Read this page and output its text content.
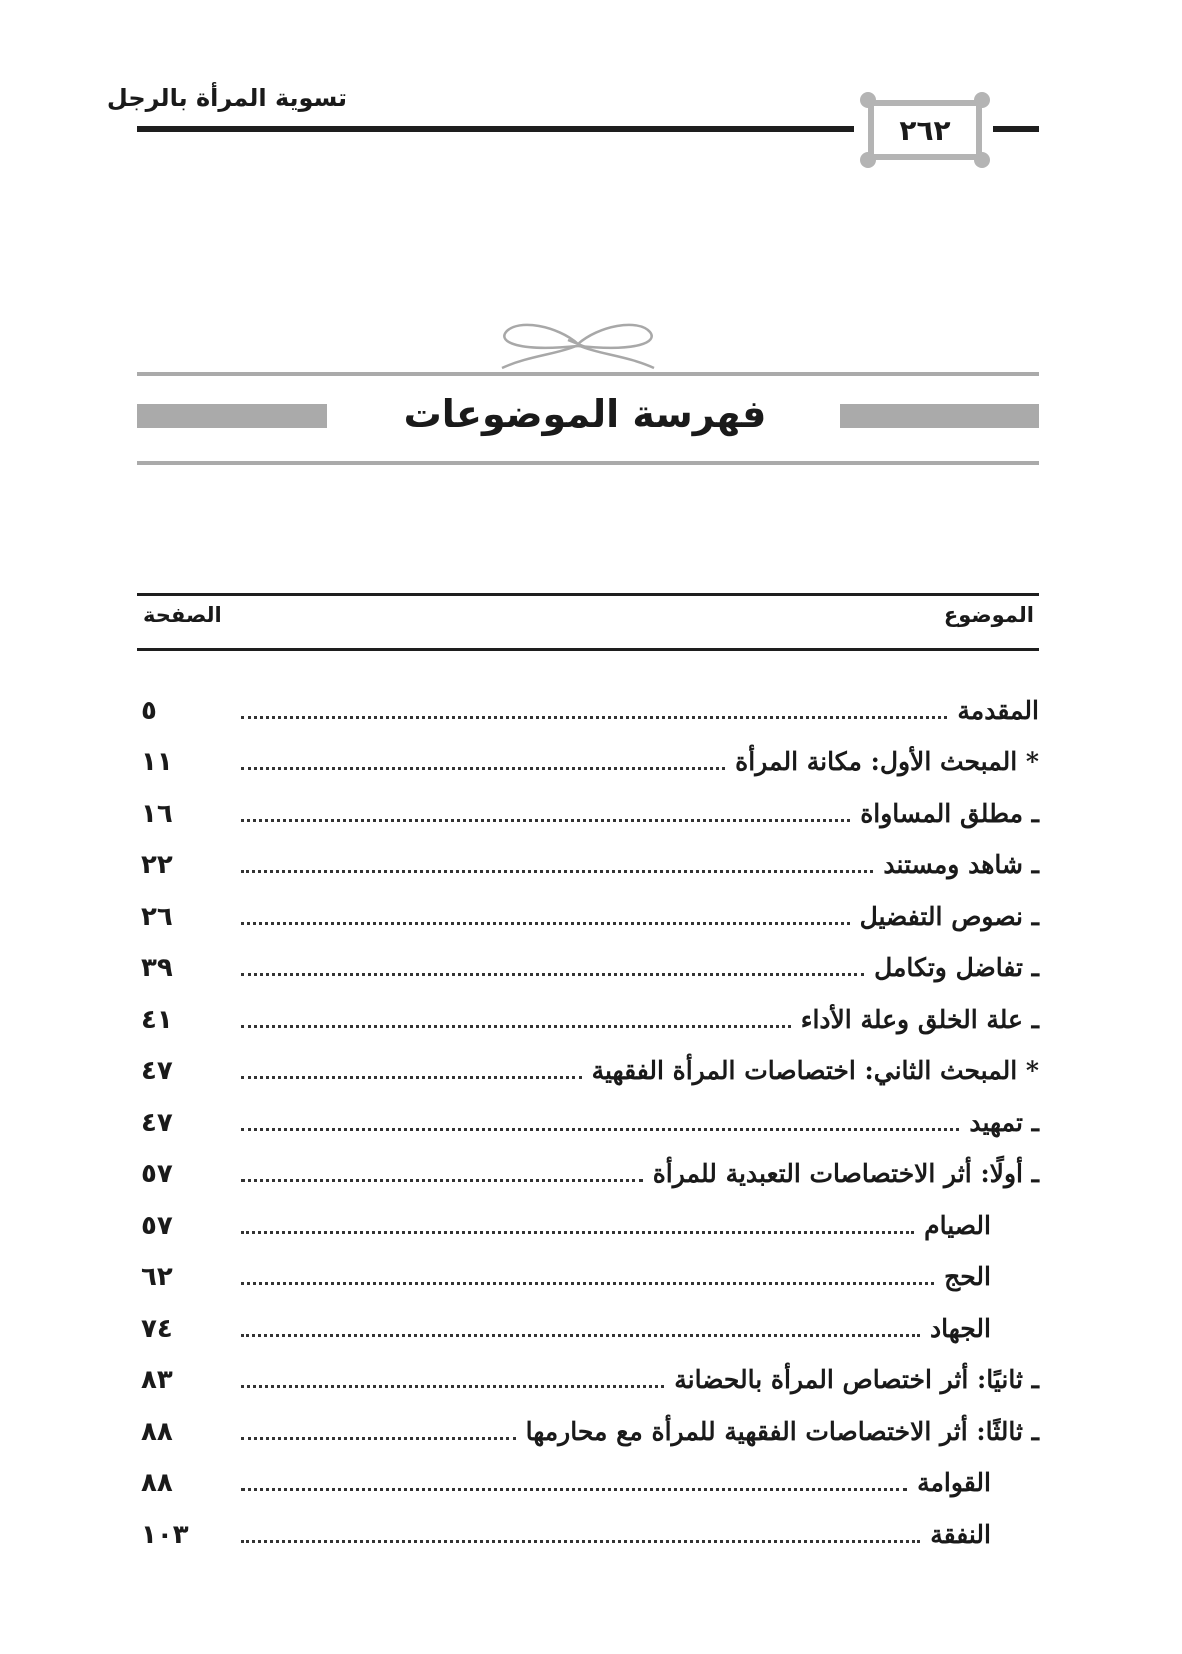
تسوية المرأة بالرجل
٢٦٢
فهرسة الموضوعات
الموضوع
الصفحة
المقدمة
٥
* المبحث الأول: مكانة المرأة
١١
ـ مطلق المساواة
١٦
ـ شاهد ومستند
٢٢
ـ نصوص التفضيل
٢٦
ـ تفاضل وتكامل
٣٩
ـ علة الخلق وعلة الأداء
٤١
* المبحث الثاني: اختصاصات المرأة الفقهية
٤٧
ـ تمهيد
٤٧
ـ أولًا: أثر الاختصاصات التعبدية للمرأة
٥٧
الصيام
٥٧
الحج
٦٢
الجهاد
٧٤
ـ ثانيًا: أثر اختصاص المرأة بالحضانة
٨٣
ـ ثالثًا: أثر الاختصاصات الفقهية للمرأة مع محارمها
٨٨
القوامة
٨٨
النفقة
١٠٣
